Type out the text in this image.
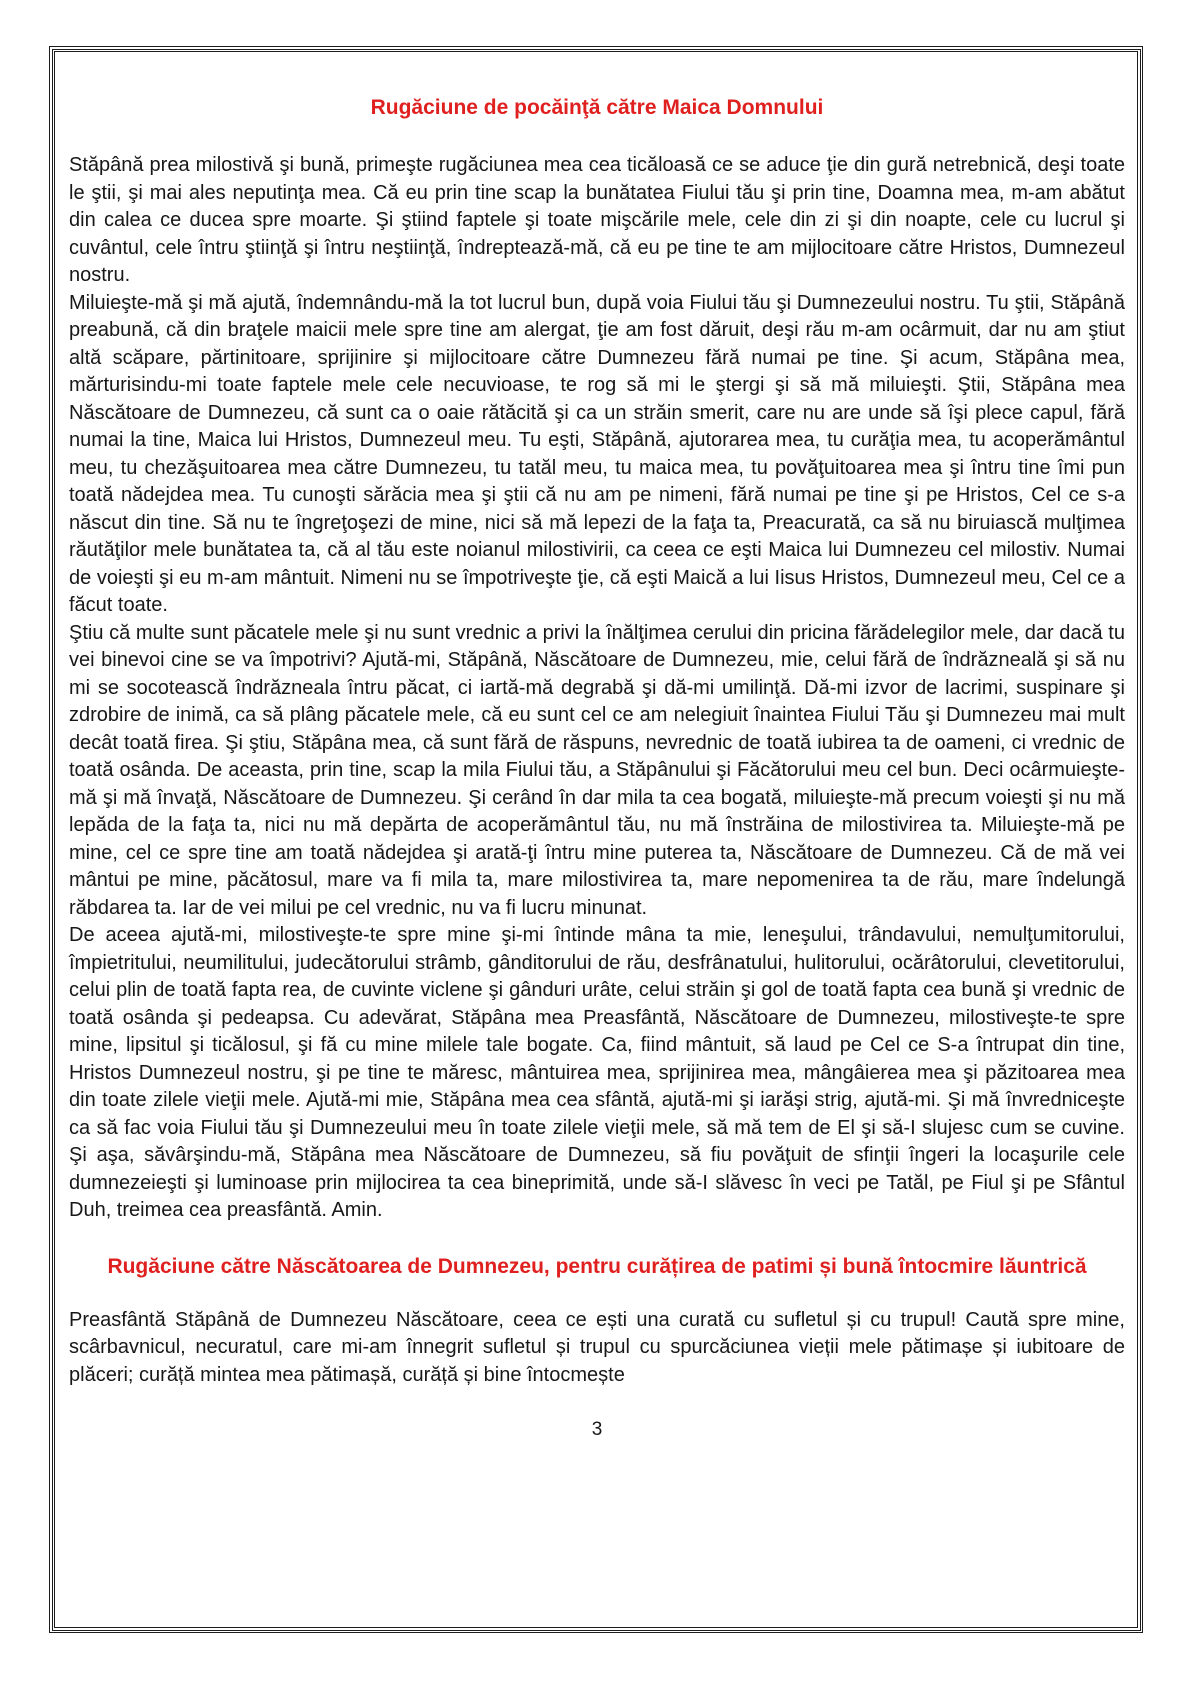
Rugăciune de pocăinţă către Maica Domnului

Stăpână prea milostivă şi bună, primeşte rugăciunea mea cea ticăloasă ce se aduce ţie din gură netrebnică, deşi toate le ştii, şi mai ales neputinţa mea. Că eu prin tine scap la bunătatea Fiului tău şi prin tine, Doamna mea, m-am abătut din calea ce ducea spre moarte. Şi ştiind faptele şi toate mişcările mele, cele din zi şi din noapte, cele cu lucrul şi cuvântul, cele întru ştiinţă şi întru neştiinţă, îndreptează-mă, că eu pe tine te am mijlocitoare către Hristos, Dumnezeul nostru.

Miluieşte-mă şi mă ajută, îndemnându-mă la tot lucrul bun, după voia Fiului tău şi Dumnezeului nostru. Tu ştii, Stăpână preabună, că din braţele maicii mele spre tine am alergat, ţie am fost dăruit, deşi rău m-am ocârmuit, dar nu am ştiut altă scăpare, părtinitoare, sprijinire şi mijlocitoare către Dumnezeu fără numai pe tine. Şi acum, Stăpâna mea, mărturisindu-mi toate faptele mele cele necuvioase, te rog să mi le ştergi şi să mă miluieşti. Ştii, Stăpâna mea Născătoare de Dumnezeu, că sunt ca o oaie rătăcită şi ca un străin smerit, care nu are unde să îşi plece capul, fără numai la tine, Maica lui Hristos, Dumnezeul meu. Tu eşti, Stăpână, ajutorarea mea, tu curăţia mea, tu acoperământul meu, tu chezăşuitoarea mea către Dumnezeu, tu tatăl meu, tu maica mea, tu povăţuitoarea mea şi întru tine îmi pun toată nădejdea mea. Tu cunoşti sărăcia mea şi ştii că nu am pe nimeni, fără numai pe tine şi pe Hristos, Cel ce s-a născut din tine. Să nu te îngreţoşezi de mine, nici să mă lepezi de la faţa ta, Preacurată, ca să nu biruiască mulţimea răutăţilor mele bunătatea ta, că al tău este noianul milostivirii, ca ceea ce eşti Maica lui Dumnezeu cel milostiv. Numai de voieşti şi eu m-am mântuit. Nimeni nu se împotriveşte ţie, că eşti Maică a lui Iisus Hristos, Dumnezeul meu, Cel ce a făcut toate.

Ştiu că multe sunt păcatele mele şi nu sunt vrednic a privi la înălţimea cerului din pricina fărădelegilor mele, dar dacă tu vei binevoi cine se va împotrivi? Ajută-mi, Stăpână, Născătoare de Dumnezeu, mie, celui fără de îndrăzneală şi să nu mi se socotească îndrăzneala întru păcat, ci iartă-mă degrabă şi dă-mi umilinţă. Dă-mi izvor de lacrimi, suspinare şi zdrobire de inimă, ca să plâng păcatele mele, că eu sunt cel ce am nelegiuit înaintea Fiului Tău şi Dumnezeu mai mult decât toată firea. Şi ştiu, Stăpâna mea, că sunt fără de răspuns, nevrednic de toată iubirea ta de oameni, ci vrednic de toată osânda. De aceasta, prin tine, scap la mila Fiului tău, a Stăpânului şi Făcătorului meu cel bun. Deci ocârmuieşte-mă şi mă învaţă, Născătoare de Dumnezeu. Şi cerând în dar mila ta cea bogată, miluieşte-mă precum voieşti şi nu mă lepăda de la faţa ta, nici nu mă depărta de acoperământul tău, nu mă înstrăina de milostivirea ta. Miluieşte-mă pe mine, cel ce spre tine am toată nădejdea şi arată-ţi întru mine puterea ta, Născătoare de Dumnezeu. Că de mă vei mântui pe mine, păcătosul, mare va fi mila ta, mare milostivirea ta, mare nepomenirea ta de rău, mare îndelungă răbdarea ta. Iar de vei milui pe cel vrednic, nu va fi lucru minunat.

De aceea ajută-mi, milostiveşte-te spre mine şi-mi întinde mâna ta mie, leneşului, trândavului, nemulţumitorului, împietritului, neumilitului, judecătorului strâmb, gânditorului de rău, desfrânatului, hulitorului, ocărâtorului, clevetitorului, celui plin de toată fapta rea, de cuvinte viclene şi gânduri urâte, celui străin şi gol de toată fapta cea bună şi vrednic de toată osânda şi pedeapsa. Cu adevărat, Stăpâna mea Preasfântă, Născătoare de Dumnezeu, milostiveşte-te spre mine, lipsitul şi ticălosul, şi fă cu mine milele tale bogate. Ca, fiind mântuit, să laud pe Cel ce S-a întrupat din tine, Hristos Dumnezeul nostru, şi pe tine te măresc, mântuirea mea, sprijinirea mea, mângâierea mea şi păzitoarea mea din toate zilele vieţii mele. Ajută-mi mie, Stăpâna mea cea sfântă, ajută-mi şi iarăşi strig, ajută-mi. Şi mă învredniceşte ca să fac voia Fiului tău şi Dumnezeului meu în toate zilele vieţii mele, să mă tem de El şi să-I slujesc cum se cuvine. Şi aşa, săvârşindu-mă, Stăpâna mea Născătoare de Dumnezeu, să fiu povăţuit de sfinţii îngeri la locaşurile cele dumnezeieşti şi luminoase prin mijlocirea ta cea bineprimită, unde să-I slăvesc în veci pe Tatăl, pe Fiul şi pe Sfântul Duh, treimea cea preasfântă. Amin.

Rugăciune către Născătoarea de Dumnezeu, pentru curățirea de patimi și bună întocmire lăuntrică

Preasfântă Stăpână de Dumnezeu Născătoare, ceea ce ești una curată cu sufletul și cu trupul! Caută spre mine, scârbavnicul, necuratul, care mi-am înnegrit sufletul și trupul cu spurcăciunea vieții mele pătimașe și iubitoare de plăceri; curăță mintea mea pătimașă, curăță și bine întocmește

3
